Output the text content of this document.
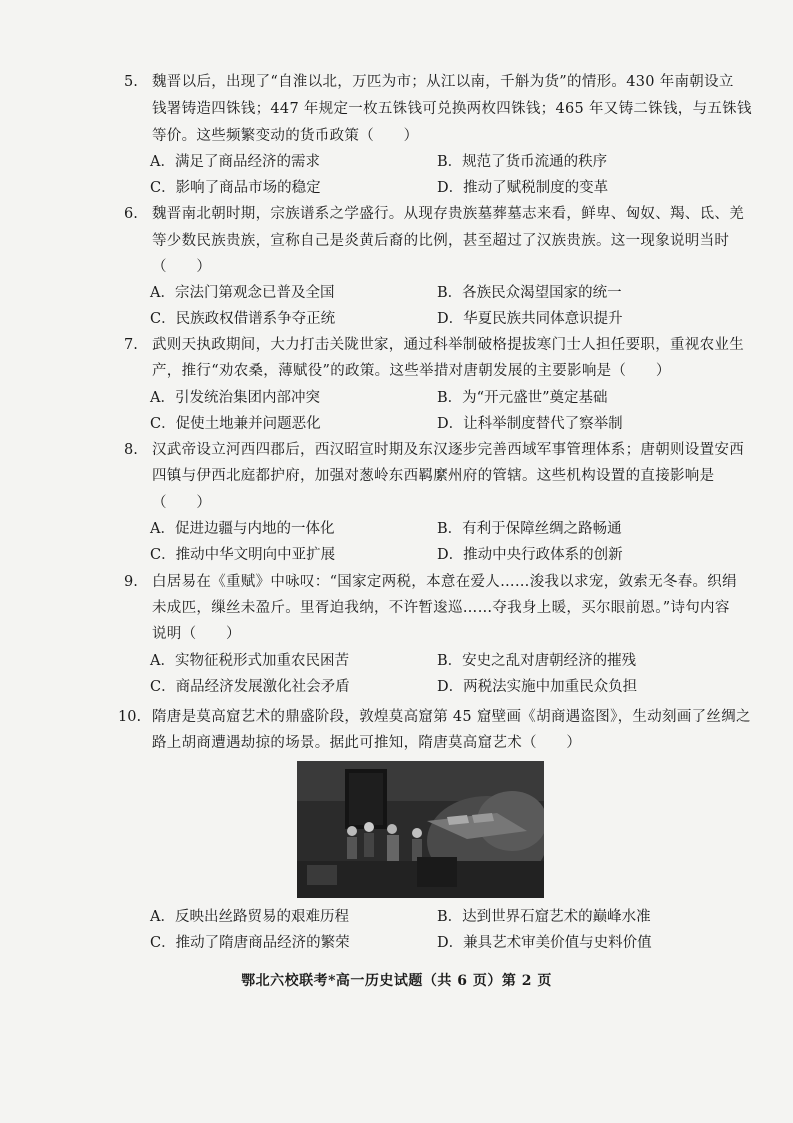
5. 魏晋以后，出现了“自淮以北，万匹为市；从江以南，千斛为货”的情形。430 年南朝设立
钱署铸造四铢钱；447 年规定一枚五铢钱可兑换两枚四铢钱；465 年又铸二铢钱，与五铢钱
等价。这些频繁变动的货币政策（　　）
A．满足了商品经济的需求	B．规范了货币流通的秩序
C．影响了商品市场的稳定	D．推动了赋税制度的变革
6. 魏晋南北朝时期，宗族谱系之学盛行。从现存贵族墓葬墓志来看，鲜卑、匈奴、羯、氐、羌
等少数民族贵族，宣称自己是炎黄后裔的比例，甚至超过了汉族贵族。这一现象说明当时
（　　）
A．宗法门第观念已普及全国	B．各族民众渴望国家的统一
C．民族政权借谱系争夺正统	D．华夏民族共同体意识提升
7. 武则天执政期间，大力打击关陇世家，通过科举制破格提拔寒门士人担任要职，重视农业生
产，推行“劝农桑，薄赋役”的政策。这些举措对唐朝发展的主要影响是（　　）
A．引发统治集团内部冲突	B．为“开元盛世”奠定基础
C．促使土地兼并问题恶化	D．让科举制度替代了察举制
8. 汉武帝设立河西四郡后，西汉昭宣时期及东汉逐步完善西域军事管理体系；唐朝则设置安西
四镇与伊西北庭都护府，加强对葱岭东西羁縻州府的管辖。这些机构设置的直接影响是
（　　）
A．促进边疆与内地的一体化	B．有利于保障丝绸之路畅通
C．推动中华文明向中亚扩展	D．推动中央行政体系的创新
9. 白居易在《重赋》中咏叹：“国家定两税，本意在爱人……浚我以求宠，敛索无冬春。织绢
未成匹，缫丝未盈斤。里胥迫我纳，不许暂逡巡……夺我身上暖，买尔眼前恩。”诗句内容
说明（　　）
A．实物征税形式加重农民困苦	B．安史之乱对唐朝经济的摧残
C．商品经济发展激化社会矛盾	D．两税法实施中加重民众负担
10. 隋唐是莫高窟艺术的鼎盛阶段，敦煌莫高窟第 45 窟壁画《胡商遇盗图》，生动刻画了丝绸之
路上胡商遭遇劫掠的场景。据此可推知，隋唐莫高窟艺术（　　）
A．反映出丝路贸易的艰难历程	B．达到世界石窟艺术的巅峰水准
C．推动了隋唐商品经济的繁荣	D．兼具艺术审美价值与史料价值
鄂北六校联考*高一历史试题（共 6 页）第 2 页
